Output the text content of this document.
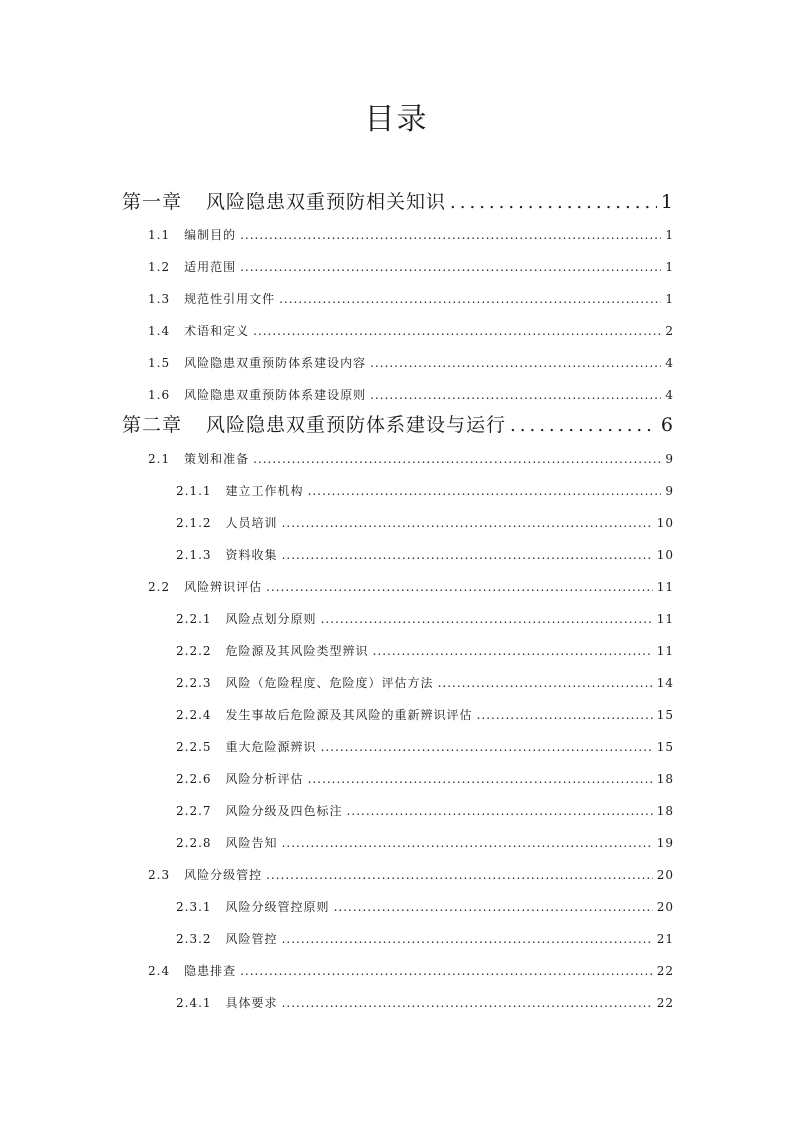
目录
第一章 风险隐患双重预防相关知识 .....	1
1.1 编制目的 .....	1
1.2 适用范围 .....	1
1.3 规范性引用文件 .....	1
1.4 术语和定义 .....	2
1.5 风险隐患双重预防体系建设内容 .....	4
1.6 风险隐患双重预防体系建设原则 .....	4
第二章 风险隐患双重预防体系建设与运行 .....	6
2.1 策划和准备 .....	9
2.1.1 建立工作机构 .....	9
2.1.2 人员培训 .....	10
2.1.3 资料收集 .....	10
2.2 风险辨识评估 .....	11
2.2.1 风险点划分原则 .....	11
2.2.2 危险源及其风险类型辨识 .....	11
2.2.3 风险（危险程度、危险度）评估方法 .....	14
2.2.4 发生事故后危险源及其风险的重新辨识评估 .....	15
2.2.5 重大危险源辨识 .....	15
2.2.6 风险分析评估 .....	18
2.2.7 风险分级及四色标注 .....	18
2.2.8 风险告知 .....	19
2.3 风险分级管控 .....	20
2.3.1 风险分级管控原则 .....	20
2.3.2 风险管控 .....	21
2.4 隐患排查 .....	22
2.4.1 具体要求 .....	22
